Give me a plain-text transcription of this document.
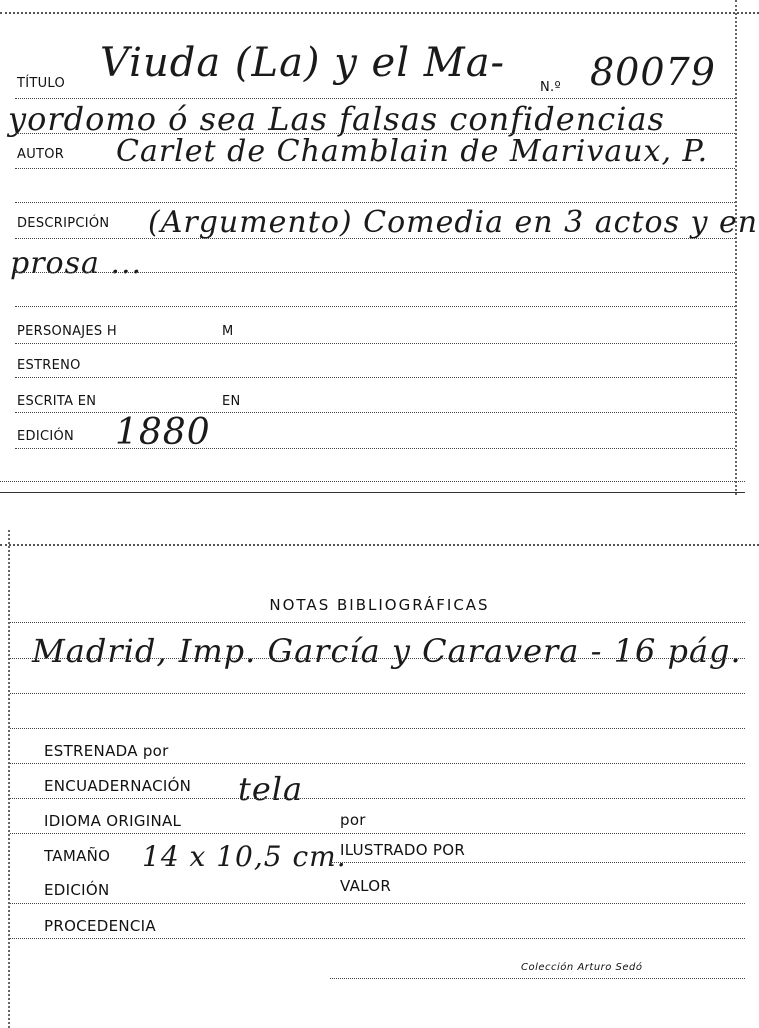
TÍTULO Viuda (La) y el Ma-
N.º 80079
yordomo ó sea Las falsas confidencias
AUTOR Carlet de Chamblain de Marivaux, P.
DESCRIPCIÓN (Argumento) Comedia en 3 actos y en
prosa ...
PERSONAJES H	M
ESTRENO
ESCRITA EN	EN
EDICIÓN 1880
NOTAS BIBLIOGRÁFICAS
Madrid, Imp. García y Caravera - 16 pág.
ESTRENADA por
ENCUADERNACIÓN tela
IDIOMA ORIGINAL	por
TAMAÑO 14 x 10,5 cm.
ILUSTRADO POR
EDICIÓN	VALOR
PROCEDENCIA
Colección Arturo Sedó
